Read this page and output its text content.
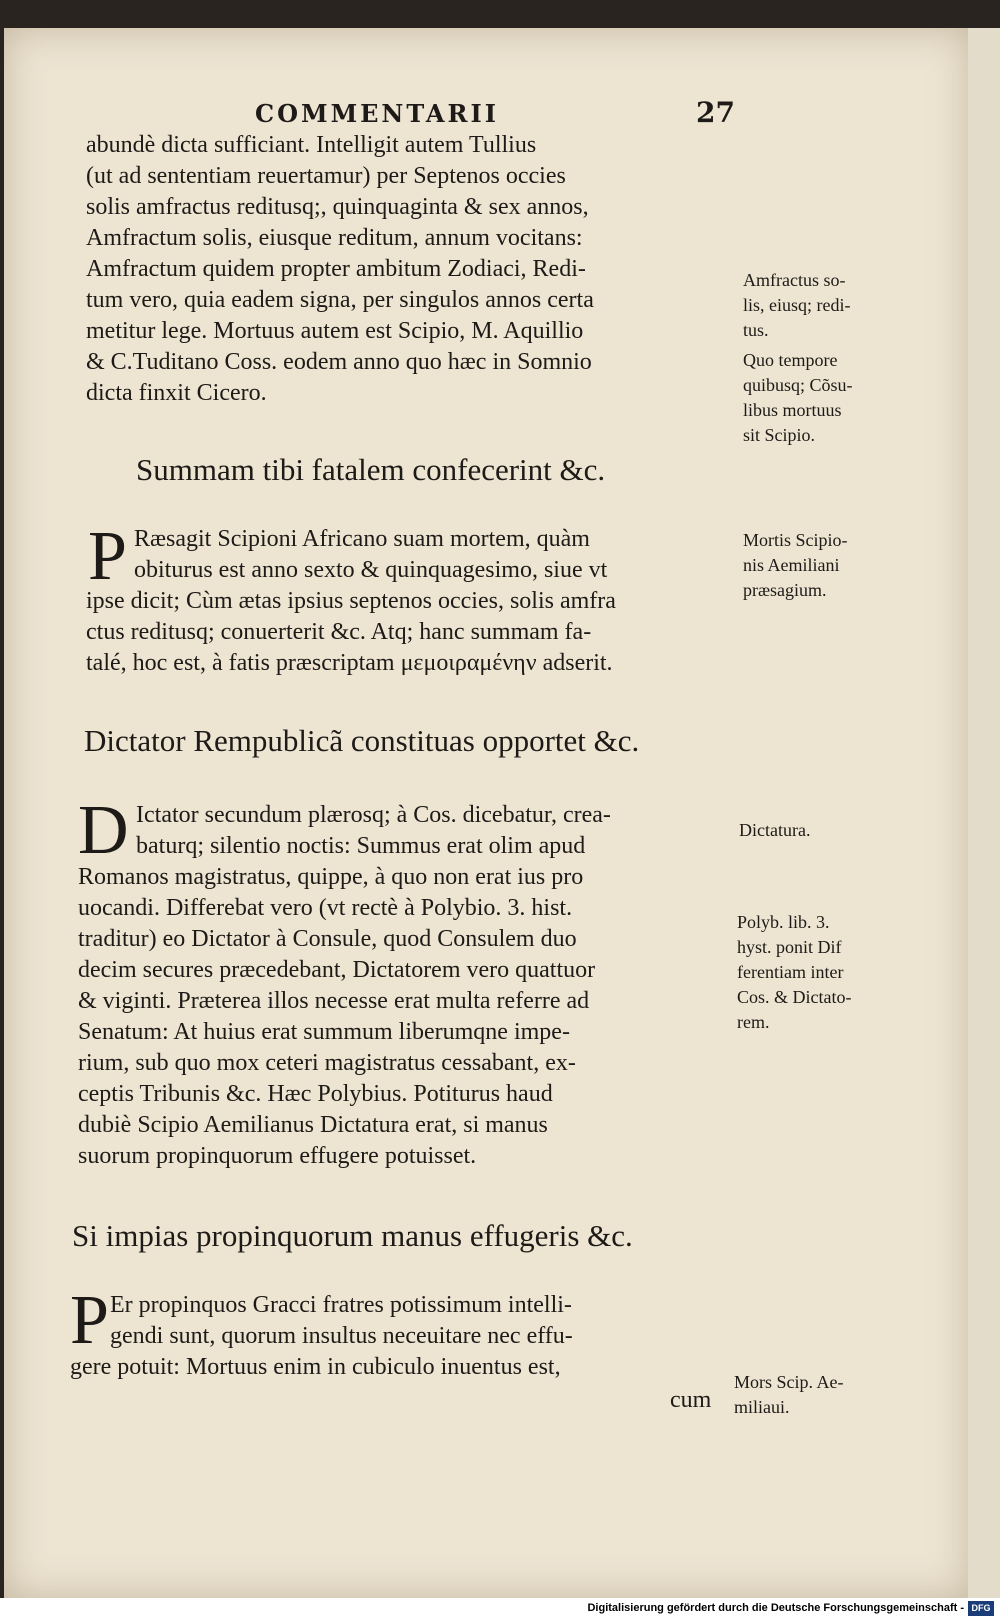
COMMENTARII	27
abundè dicta sufficiant. Intelligit autem Tullius
(ut ad sententiam reuertamur) per Septenos occies
solis amfractus reditusq;, quinquaginta & sex annos,
Amfractum solis, eiusque reditum, annum vocitans:
Amfractum quidem propter ambitum Zodiaci, Redi-
tum vero, quia eadem signa, per singulos annos certa
metitur lege. Mortuus autem est Scipio, M. Aquillio
& C.Tuditano Coss. eodem anno quo hæc in Somnio
dicta finxit Cicero.
Amfractus so-
lis, eiusq; redi-
tus.
Quo tempore
quibusq; Cõsu-
libus mortuus
sit Scipio.
Summam tibi fatalem confecerint &c.
P Ræsagit Scipioni Africano suam mortem, quàm
obiturus est anno sexto & quinquagesimo, siue vt
ipse dicit; Cùm ætas ipsius septenos occies, solis amfra
ctus reditusq; conuerterit &c. Atq; hanc summam fa-
talé, hoc est, à fatis præscriptam μεμοιραμένην adserit.
Mortis Scipio-
nis Aemiliani
præsagium.
Dictator Rempublicã constituas opportet &c.
D Ictator secundum plærosq; à Cos. dicebatur, crea-
baturq; silentio noctis: Summus erat olim apud
Romanos magistratus, quippe, à quo non erat ius pro
uocandi. Differebat vero (vt rectè à Polybio. 3. hist.
traditur) eo Dictator à Consule, quod Consulem duo
decim secures præcedebant, Dictatorem vero quattuor
& viginti. Præterea illos necesse erat multa referre ad
Senatum: At huius erat summum liberumqne impe-
rium, sub quo mox ceteri magistratus cessabant, ex-
ceptis Tribunis &c. Hæc Polybius. Potiturus haud
dubiè Scipio Aemilianus Dictatura erat, si manus
suorum propinquorum effugere potuisset.
Dictatura.
Polyb. lib. 3.
hyst. ponit Dif
ferentiam inter
Cos. & Dictato-
rem.
Si impias propinquorum manus effugeris &c.
P Er propinquos Gracci fratres potissimum intelli-
gendi sunt, quorum insultus neceuitare nec effu-
gere potuit: Mortuus enim in cubiculo inuentus est,
cum
Mors Scip. Ae-
miliaui.
Digitalisierung gefördert durch die Deutsche Forschungsgemeinschaft - DFG
